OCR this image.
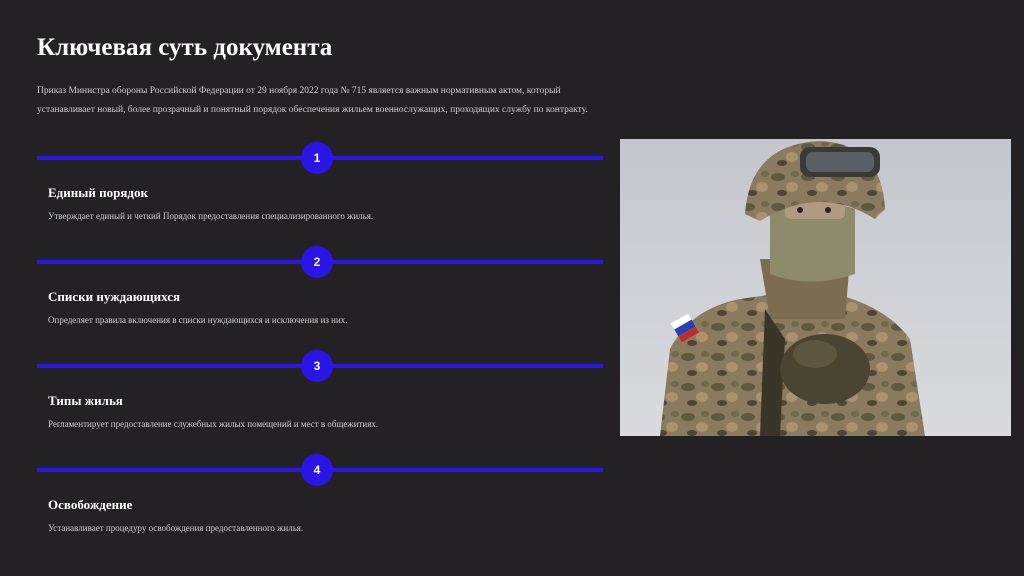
Ключевая суть документа

Приказ Министра обороны Российской Федерации от 29 ноября 2022 года № 715 является важным нормативным актом, который устанавливает новый, более прозрачный и понятный порядок обеспечения жильем военнослужащих, проходящих службу по контракту.

1
Единый порядок

Утверждает единый и четкий Порядок предоставления специализированного жилья.

2
Списки нуждающихся

Определяет правила включения в списки нуждающихся и исключения из них.

3
Типы жилья

Регламентирует предоставление служебных жилых помещений и мест в общежитиях.

4
Освобождение

Устанавливает процедуру освобождения предоставленного жилья.
